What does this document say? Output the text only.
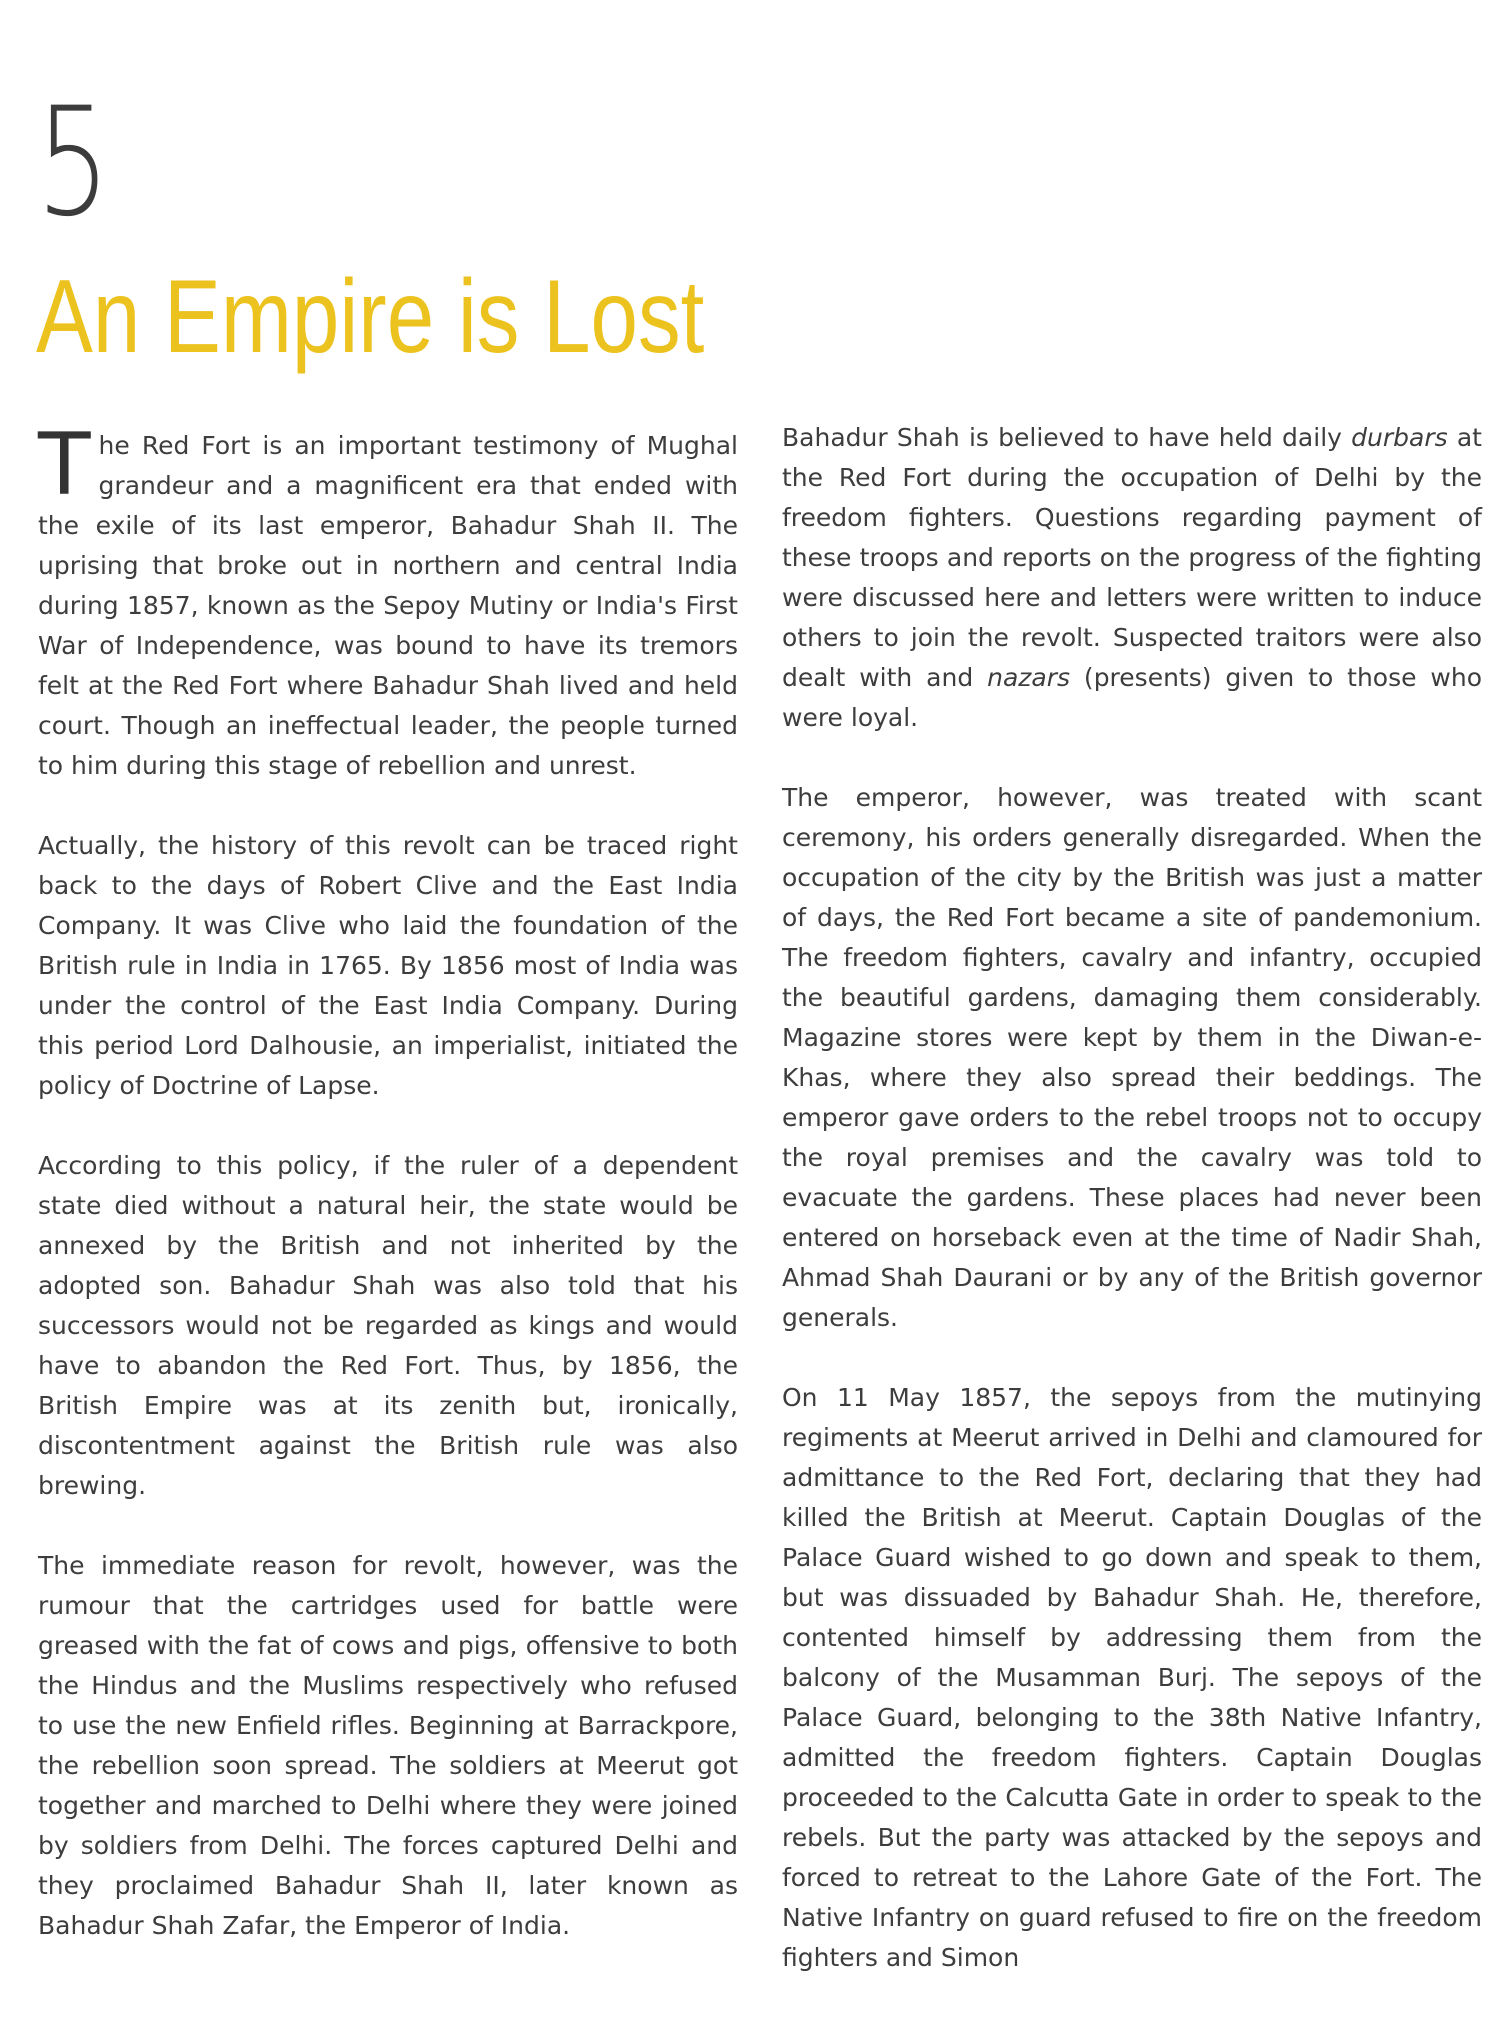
5
An Empire is Lost

The Red Fort is an important testimony of Mughal grandeur and a magnificent era that ended with the exile of its last emperor, Bahadur Shah II. The uprising that broke out in northern and central India during 1857, known as the Sepoy Mutiny or India's First War of Independence, was bound to have its tremors felt at the Red Fort where Bahadur Shah lived and held court. Though an ineffectual leader, the people turned to him during this stage of rebellion and unrest.

Actually, the history of this revolt can be traced right back to the days of Robert Clive and the East India Company. It was Clive who laid the foundation of the British rule in India in 1765. By 1856 most of India was under the control of the East India Company. During this period Lord Dalhousie, an imperialist, initiated the policy of Doctrine of Lapse.

According to this policy, if the ruler of a dependent state died without a natural heir, the state would be annexed by the British and not inherited by the adopted son. Bahadur Shah was also told that his successors would not be regarded as kings and would have to abandon the Red Fort. Thus, by 1856, the British Empire was at its zenith but, ironically, discontentment against the British rule was also brewing.

The immediate reason for revolt, however, was the rumour that the cartridges used for battle were greased with the fat of cows and pigs, offensive to both the Hindus and the Muslims respectively who refused to use the new Enfield rifles. Beginning at Barrackpore, the rebellion soon spread. The soldiers at Meerut got together and marched to Delhi where they were joined by soldiers from Delhi. The forces captured Delhi and they proclaimed Bahadur Shah II, later known as Bahadur Shah Zafar, the Emperor of India.

Bahadur Shah is believed to have held daily durbars at the Red Fort during the occupation of Delhi by the freedom fighters. Questions regarding payment of these troops and reports on the progress of the fighting were discussed here and letters were written to induce others to join the revolt. Suspected traitors were also dealt with and nazars (presents) given to those who were loyal.

The emperor, however, was treated with scant ceremony, his orders generally disregarded. When the occupation of the city by the British was just a matter of days, the Red Fort became a site of pandemonium. The freedom fighters, cavalry and infantry, occupied the beautiful gardens, damaging them considerably. Magazine stores were kept by them in the Diwan-e-Khas, where they also spread their beddings. The emperor gave orders to the rebel troops not to occupy the royal premises and the cavalry was told to evacuate the gardens. These places had never been entered on horseback even at the time of Nadir Shah, Ahmad Shah Daurani or by any of the British governor generals.

On 11 May 1857, the sepoys from the mutinying regiments at Meerut arrived in Delhi and clamoured for admittance to the Red Fort, declaring that they had killed the British at Meerut. Captain Douglas of the Palace Guard wished to go down and speak to them, but was dissuaded by Bahadur Shah. He, therefore, contented himself by addressing them from the balcony of the Musamman Burj. The sepoys of the Palace Guard, belonging to the 38th Native Infantry, admitted the freedom fighters. Captain Douglas proceeded to the Calcutta Gate in order to speak to the rebels. But the party was attacked by the sepoys and forced to retreat to the Lahore Gate of the Fort. The Native Infantry on guard refused to fire on the freedom fighters and Simon
